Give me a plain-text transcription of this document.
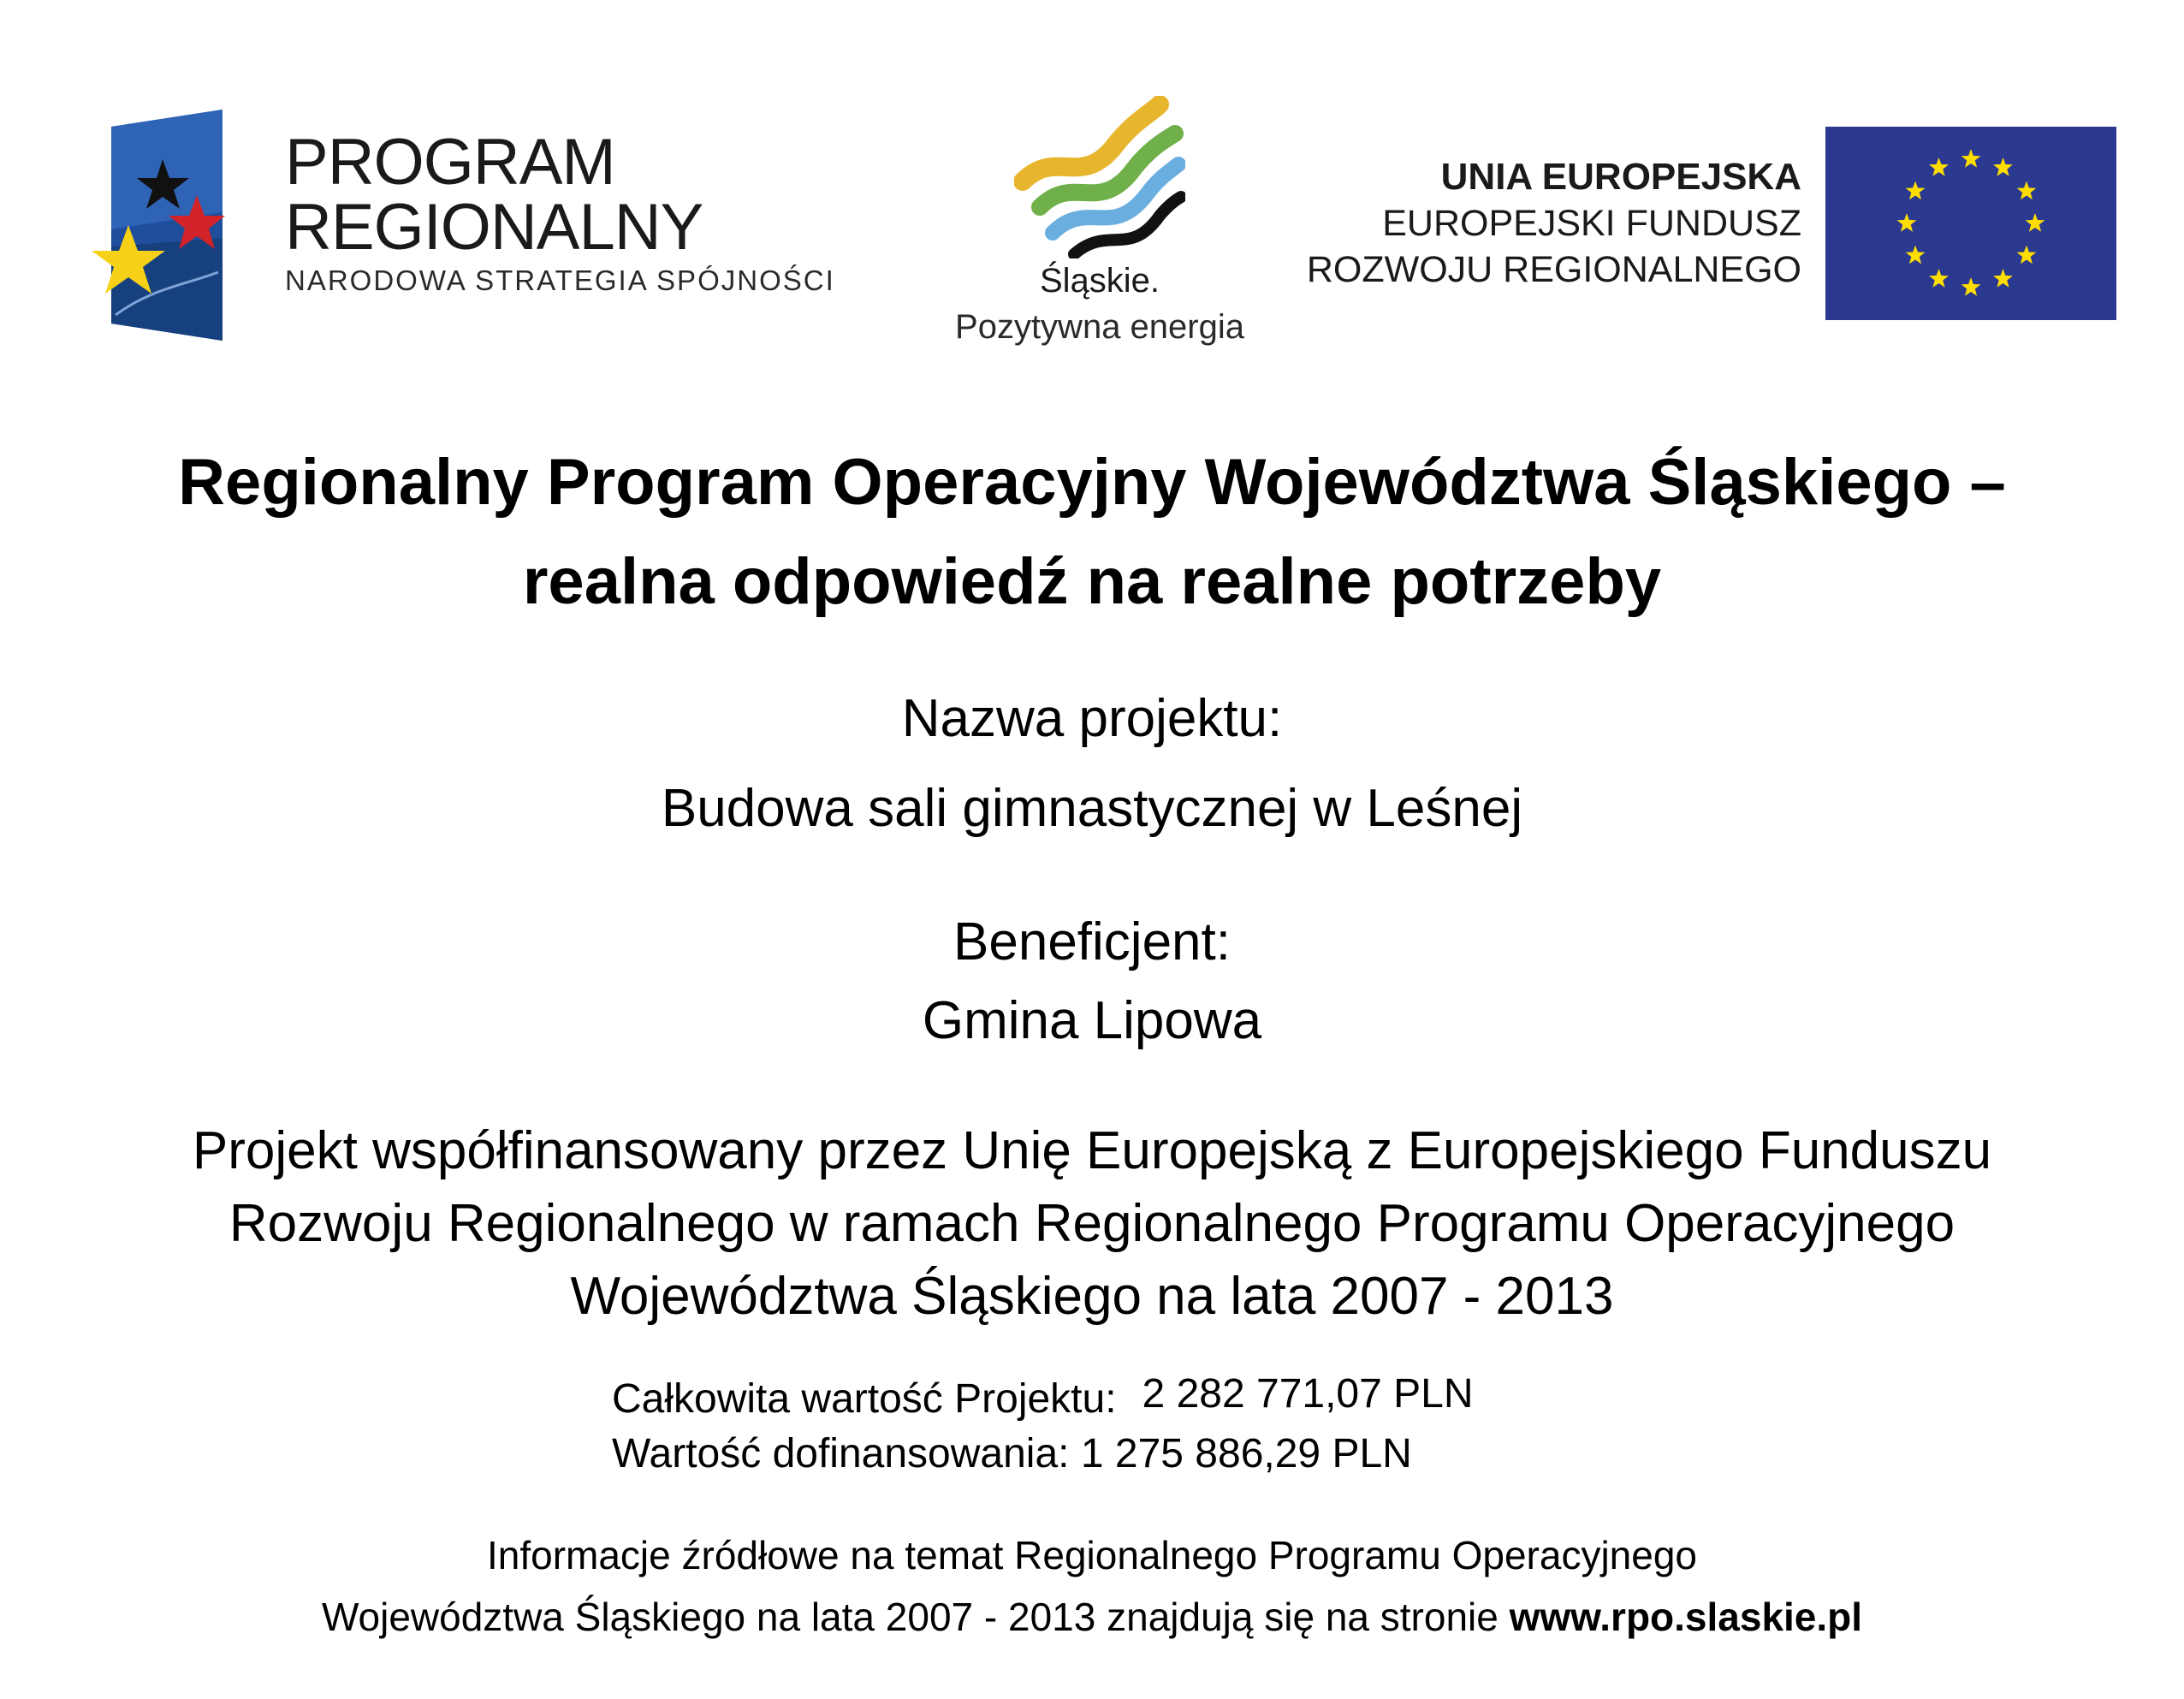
PROGRAM
REGIONALNY
NARODOWA STRATEGIA SPÓJNOŚCI	Śląskie.
Pozytywna energia
UNIA EUROPEJSKA
EUROPEJSKI FUNDUSZ
ROZWOJU REGIONALNEGO
Regionalny Program Operacyjny Województwa Śląskiego –
realna odpowiedź na realne potrzeby
Nazwa projektu:
Budowa sali gimnastycznej w Leśnej
Beneficjent:
Gmina Lipowa
Projekt współfinansowany przez Unię Europejską z Europejskiego Funduszu
Rozwoju Regionalnego w ramach Regionalnego Programu Operacyjnego
Województwa Śląskiego na lata 2007 - 2013
Całkowita wartość Projektu: 2 282 771,07 PLN
Wartość dofinansowania: 1 275 886,29 PLN
Informacje źródłowe na temat Regionalnego Programu Operacyjnego
Województwa Śląskiego na lata 2007 - 2013 znajdują się na stronie www.rpo.slaskie.pl
